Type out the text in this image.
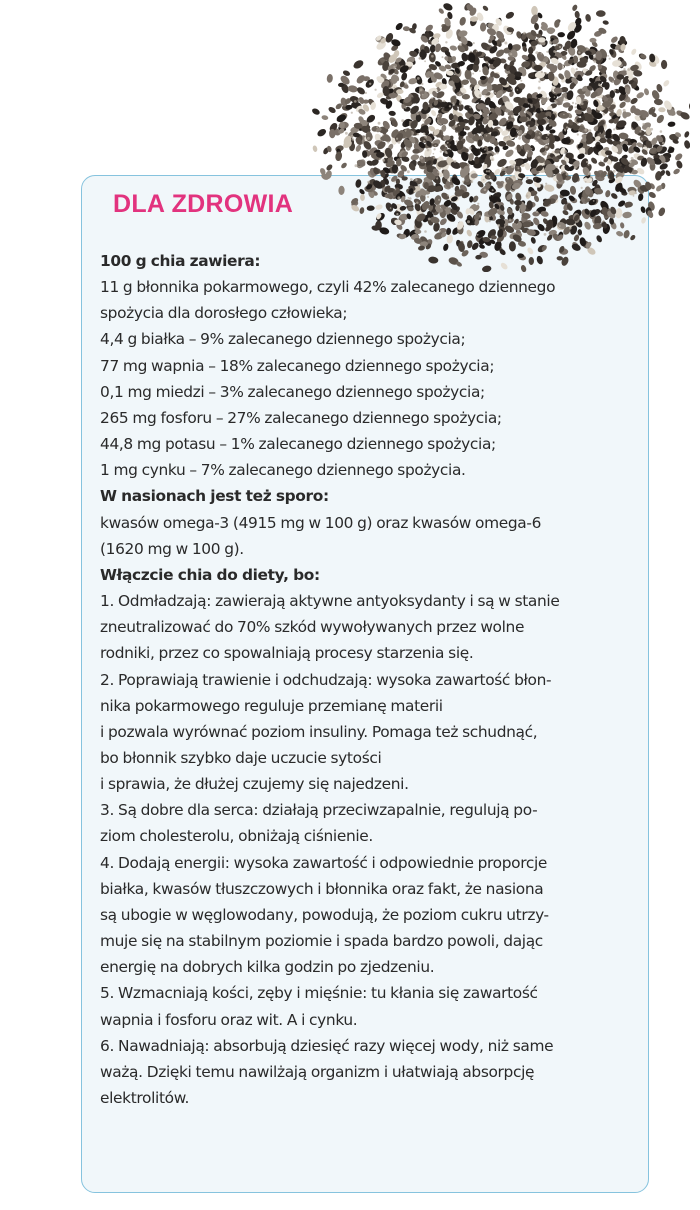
DLA ZDROWIA
100 g chia zawiera:
11 g błonnika pokarmowego, czyli 42% zalecanego dziennego
spożycia dla dorosłego człowieka;
4,4 g białka – 9% zalecanego dziennego spożycia;
77 mg wapnia – 18% zalecanego dziennego spożycia;
0,1 mg miedzi – 3% zalecanego dziennego spożycia;
265 mg fosforu – 27% zalecanego dziennego spożycia;
44,8 mg potasu – 1% zalecanego dziennego spożycia;
1 mg cynku – 7% zalecanego dziennego spożycia.
W nasionach jest też sporo:
kwasów omega-3 (4915 mg w 100 g) oraz kwasów omega-6
(1620 mg w 100 g).
Włączcie chia do diety, bo:
1. Odmładzają: zawierają aktywne antyoksydanty i są w stanie
zneutralizować do 70% szkód wywoływanych przez wolne
rodniki, przez co spowalniają procesy starzenia się.
2. Poprawiają trawienie i odchudzają: wysoka zawartość błon-
nika pokarmowego reguluje przemianę materii
i pozwala wyrównać poziom insuliny. Pomaga też schudnąć,
bo błonnik szybko daje uczucie sytości
i sprawia, że dłużej czujemy się najedzeni.
3. Są dobre dla serca: działają przeciwzapalnie, regulują po-
ziom cholesterolu, obniżają ciśnienie.
4. Dodają energii: wysoka zawartość i odpowiednie proporcje
białka, kwasów tłuszczowych i błonnika oraz fakt, że nasiona
są ubogie w węglowodany, powodują, że poziom cukru utrzy-
muje się na stabilnym poziomie i spada bardzo powoli, dając
energię na dobrych kilka godzin po zjedzeniu.
5. Wzmacniają kości, zęby i mięśnie: tu kłania się zawartość
wapnia i fosforu oraz wit. A i cynku.
6. Nawadniają: absorbują dziesięć razy więcej wody, niż same
ważą. Dzięki temu nawilżają organizm i ułatwiają absorpcję
elektrolitów.
